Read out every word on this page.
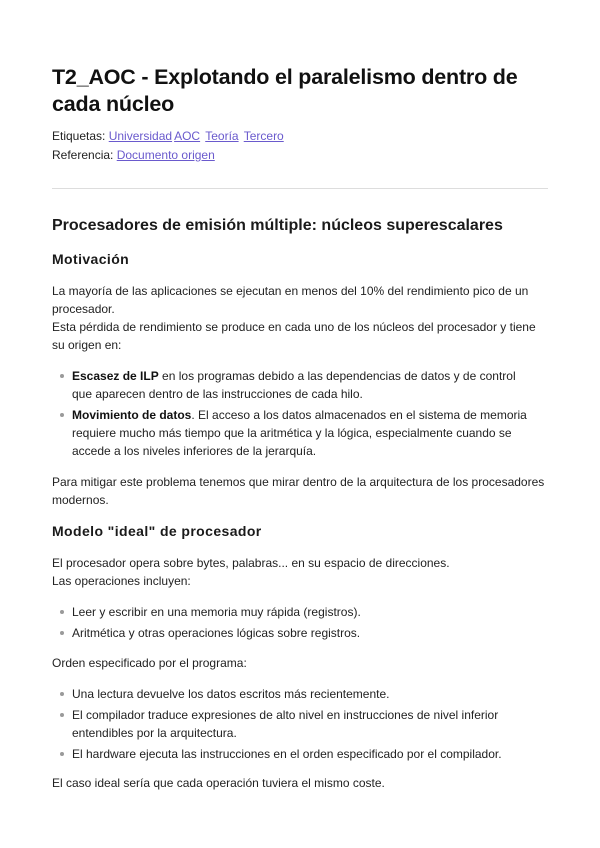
T2_AOC - Explotando el paralelismo dentro de cada núcleo
Etiquetas: Universidad AOC Teoría Tercero
Referencia: Documento origen
Procesadores de emisión múltiple: núcleos superescalares
Motivación
La mayoría de las aplicaciones se ejecutan en menos del 10% del rendimiento pico de un procesador.
Esta pérdida de rendimiento se produce en cada uno de los núcleos del procesador y tiene su origen en:
Escasez de ILP en los programas debido a las dependencias de datos y de control que aparecen dentro de las instrucciones de cada hilo.
Movimiento de datos. El acceso a los datos almacenados en el sistema de memoria requiere mucho más tiempo que la aritmética y la lógica, especialmente cuando se accede a los niveles inferiores de la jerarquía.

Para mitigar este problema tenemos que mirar dentro de la arquitectura de los procesadores modernos.

Modelo "ideal" de procesador
El procesador opera sobre bytes, palabras... en su espacio de direcciones.
Las operaciones incluyen:
Leer y escribir en una memoria muy rápida (registros).
Aritmética y otras operaciones lógicas sobre registros.

Orden especificado por el programa:

Una lectura devuelve los datos escritos más recientemente.
El compilador traduce expresiones de alto nivel en instrucciones de nivel inferior entendibles por la arquitectura.
El hardware ejecuta las instrucciones en el orden especificado por el compilador.

El caso ideal sería que cada operación tuviera el mismo coste.
